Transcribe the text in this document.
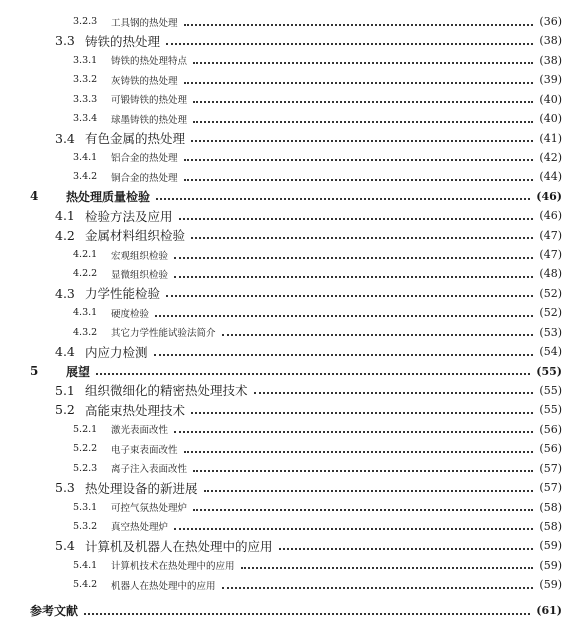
3.2.3	工具钢的热处理	(36)
3.3 铸铁的热处理	(38)
3.3.1	铸铁的热处理特点	(38)
3.3.2	灰铸铁的热处理	(39)
3.3.3	可锻铸铁的热处理	(40)
3.3.4	球墨铸铁的热处理	(40)
3.4 有色金属的热处理	(41)
3.4.1	铝合金的热处理	(42)
3.4.2	铜合金的热处理	(44)
4	热处理质量检验	(46)
4.1 检验方法及应用	(46)
4.2 金属材料组织检验	(47)
4.2.1	宏观组织检验	(47)
4.2.2	显微组织检验	(48)
4.3 力学性能检验	(52)
4.3.1	硬度检验	(52)
4.3.2	其它力学性能试验法简介	(53)
4.4 内应力检测	(54)
5	展望	(55)
5.1 组织微细化的精密热处理技术	(55)
5.2 高能束热处理技术	(55)
5.2.1	激光表面改性	(56)
5.2.2	电子束表面改性	(56)
5.2.3	离子注入表面改性	(57)
5.3 热处理设备的新进展	(57)
5.3.1	可控气氛热处理炉	(58)
5.3.2	真空热处理炉	(58)
5.4 计算机及机器人在热处理中的应用	(59)
5.4.1	计算机技术在热处理中的应用	(59)
5.4.2	机器人在热处理中的应用	(59)
参考文献	(61)
